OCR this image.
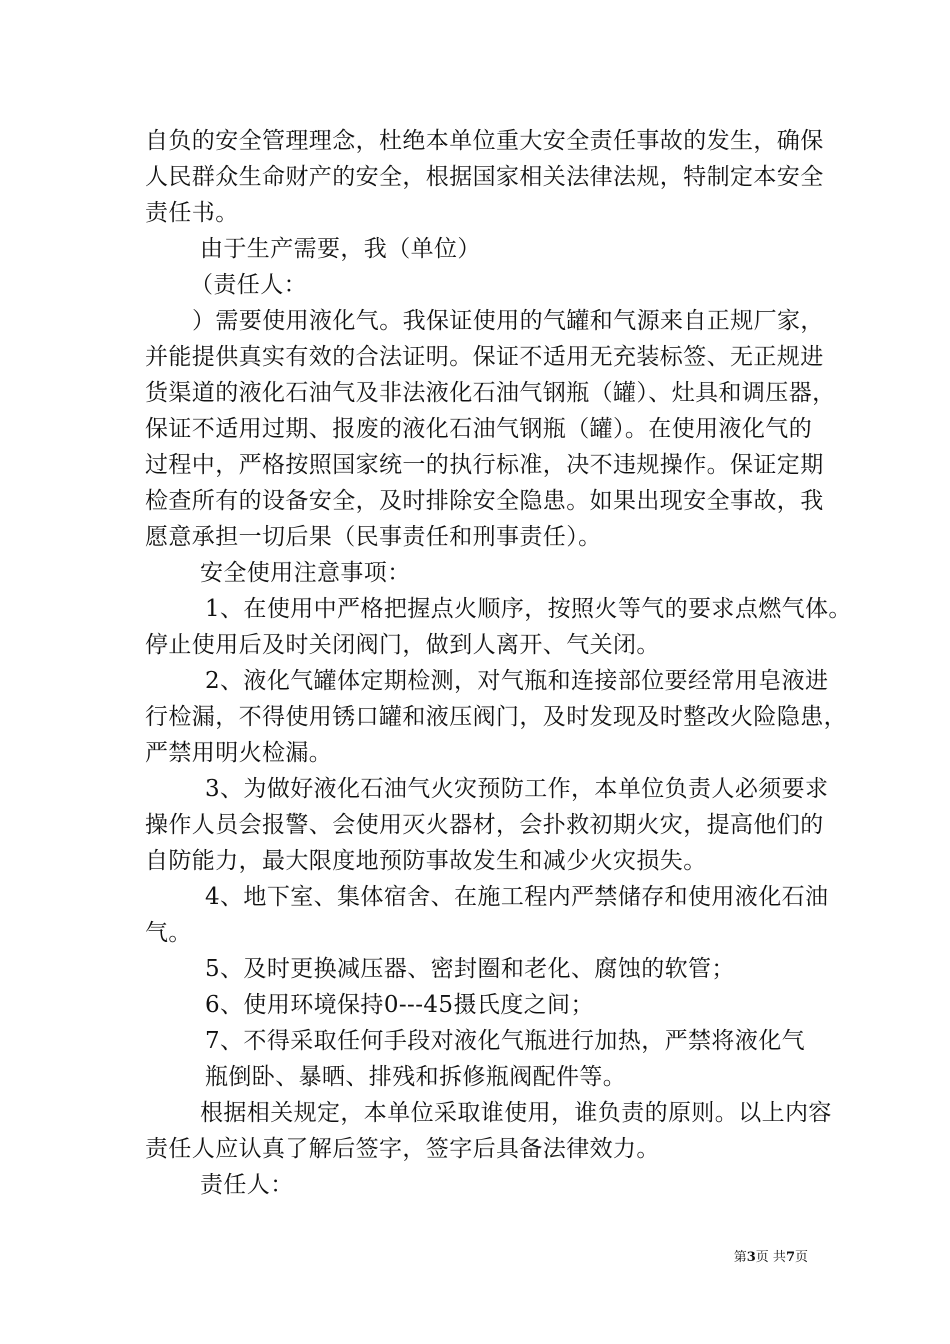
自负的安全管理理念，杜绝本单位重大安全责任事故的发生，确保
人民群众生命财产的安全，根据国家相关法律法规，特制定本安全
责任书。
由于生产需要，我（单位）
（责任人：
）需要使用液化气。我保证使用的气罐和气源来自正规厂家，
并能提供真实有效的合法证明。保证不适用无充装标签、无正规进
货渠道的液化石油气及非法液化石油气钢瓶（罐）、灶具和调压器，
保证不适用过期、报废的液化石油气钢瓶（罐）。在使用液化气的
过程中，严格按照国家统一的执行标准，决不违规操作。保证定期
检查所有的设备安全，及时排除安全隐患。如果出现安全事故，我
愿意承担一切后果（民事责任和刑事责任）。
安全使用注意事项：
1、在使用中严格把握点火顺序，按照火等气的要求点燃气体。
停止使用后及时关闭阀门，做到人离开、气关闭。
2、液化气罐体定期检测，对气瓶和连接部位要经常用皂液进
行检漏，不得使用锈口罐和液压阀门，及时发现及时整改火险隐患，
严禁用明火检漏。
3、为做好液化石油气火灾预防工作，本单位负责人必须要求
操作人员会报警、会使用灭火器材，会扑救初期火灾，提高他们的
自防能力，最大限度地预防事故发生和减少火灾损失。
4、地下室、集体宿舍、在施工程内严禁储存和使用液化石油
气。
5、及时更换减压器、密封圈和老化、腐蚀的软管；
6、使用环境保持0---45摄氏度之间；
7、不得采取任何手段对液化气瓶进行加热，严禁将液化气
瓶倒卧、暴晒、排残和拆修瓶阀配件等。
根据相关规定，本单位采取谁使用，谁负责的原则。以上内容
责任人应认真了解后签字，签字后具备法律效力。
责任人：
第3页 共7页
